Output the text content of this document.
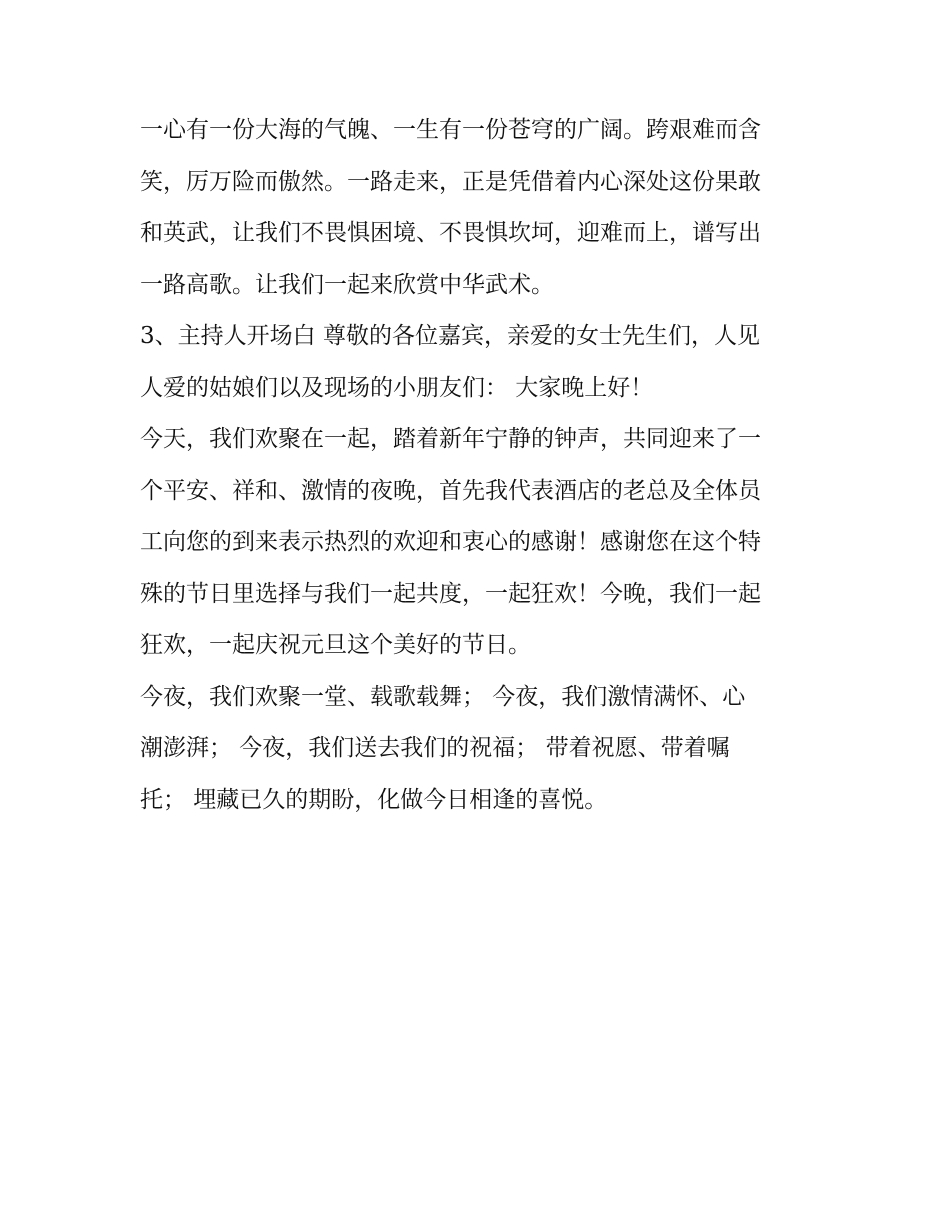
一心有一份大海的气魄、一生有一份苍穹的广阔。跨艰难而含
笑，厉万险而傲然。一路走来，正是凭借着内心深处这份果敢
和英武，让我们不畏惧困境、不畏惧坎坷，迎难而上，谱写出
一路高歌。让我们一起来欣赏中华武术。
3、主持人开场白 尊敬的各位嘉宾，亲爱的女士先生们，人见
人爱的姑娘们以及现场的小朋友们： 大家晚上好！
今天，我们欢聚在一起，踏着新年宁静的钟声，共同迎来了一
个平安、祥和、激情的夜晚，首先我代表酒店的老总及全体员
工向您的到来表示热烈的欢迎和衷心的感谢！感谢您在这个特
殊的节日里选择与我们一起共度，一起狂欢！今晚，我们一起
狂欢，一起庆祝元旦这个美好的节日。
今夜，我们欢聚一堂、载歌载舞； 今夜，我们激情满怀、心
潮澎湃； 今夜，我们送去我们的祝福； 带着祝愿、带着嘱
托； 埋藏已久的期盼，化做今日相逢的喜悦。
